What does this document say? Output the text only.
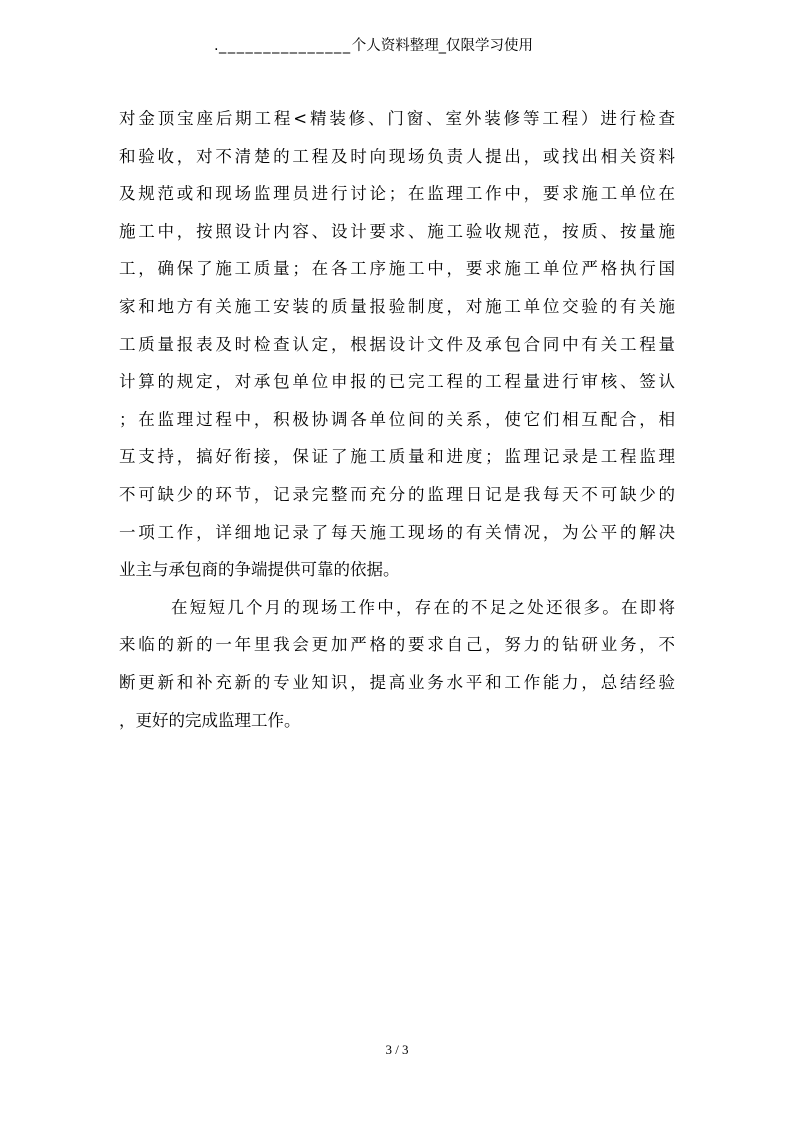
._______________个人资料整理_仅限学习使用
对金顶宝座后期工程<精装修、门窗、室外装修等工程）进行检查
和验收，对不清楚的工程及时向现场负责人提出，或找出相关资料
及规范或和现场监理员进行讨论；在监理工作中，要求施工单位在
施工中，按照设计内容、设计要求、施工验收规范，按质、按量施
工，确保了施工质量；在各工序施工中，要求施工单位严格执行国
家和地方有关施工安装的质量报验制度，对施工单位交验的有关施
工质量报表及时检查认定，根据设计文件及承包合同中有关工程量
计算的规定，对承包单位申报的已完工程的工程量进行审核、签认
；在监理过程中，积极协调各单位间的关系，使它们相互配合，相
互支持，搞好衔接，保证了施工质量和进度；监理记录是工程监理
不可缺少的环节，记录完整而充分的监理日记是我每天不可缺少的
一项工作，详细地记录了每天施工现场的有关情况，为公平的解决
业主与承包商的争端提供可靠的依据。
在短短几个月的现场工作中，存在的不足之处还很多。在即将
来临的新的一年里我会更加严格的要求自己，努力的钻研业务，不
断更新和补充新的专业知识，提高业务水平和工作能力，总结经验
，更好的完成监理工作。
3 / 3
